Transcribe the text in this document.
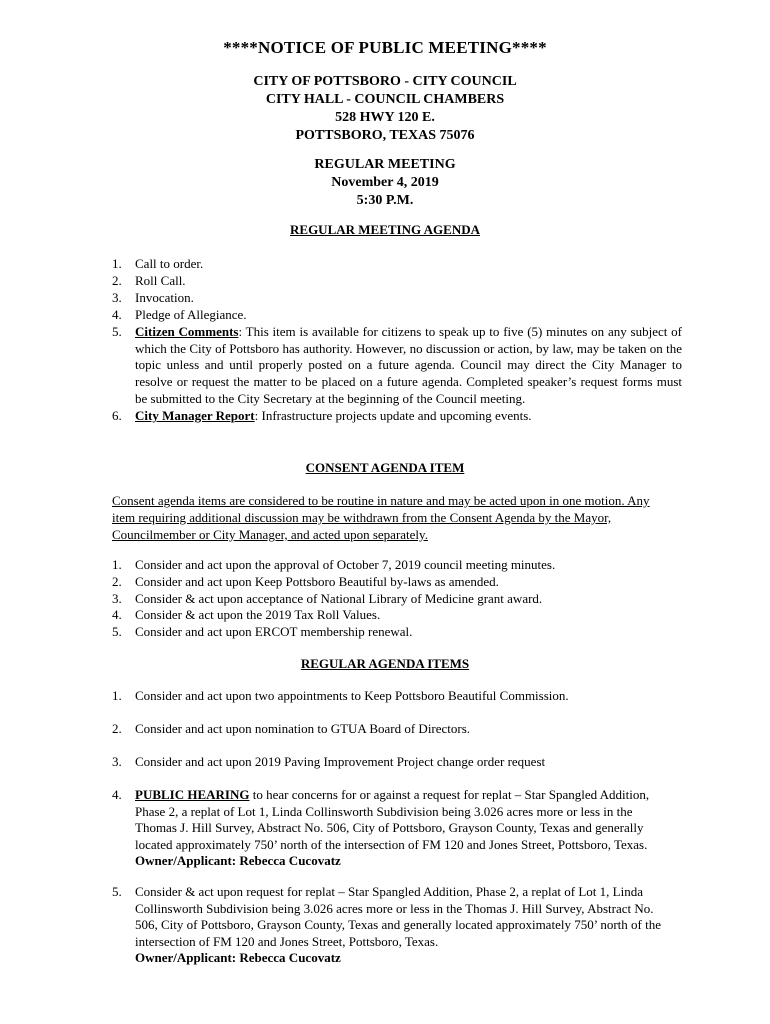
****NOTICE OF PUBLIC MEETING****
CITY OF POTTSBORO - CITY COUNCIL
CITY HALL - COUNCIL CHAMBERS
528 HWY 120 E.
POTTSBORO, TEXAS 75076
REGULAR MEETING
November 4, 2019
5:30 P.M.
REGULAR MEETING AGENDA
1. Call to order.
2. Roll Call.
3. Invocation.
4. Pledge of Allegiance.
5. Citizen Comments: This item is available for citizens to speak up to five (5) minutes on any subject of which the City of Pottsboro has authority. However, no discussion or action, by law, may be taken on the topic unless and until properly posted on a future agenda. Council may direct the City Manager to resolve or request the matter to be placed on a future agenda. Completed speaker’s request forms must be submitted to the City Secretary at the beginning of the Council meeting.
6. City Manager Report: Infrastructure projects update and upcoming events.
CONSENT AGENDA ITEM
Consent agenda items are considered to be routine in nature and may be acted upon in one motion. Any item requiring additional discussion may be withdrawn from the Consent Agenda by the Mayor, Councilmember or City Manager, and acted upon separately.
1. Consider and act upon the approval of October 7, 2019 council meeting minutes.
2. Consider and act upon Keep Pottsboro Beautiful by-laws as amended.
3. Consider & act upon acceptance of National Library of Medicine grant award.
4. Consider & act upon the 2019 Tax Roll Values.
5. Consider and act upon ERCOT membership renewal.
REGULAR AGENDA ITEMS
1.	Consider and act upon two appointments to Keep Pottsboro Beautiful Commission.
2.	Consider and act upon nomination to GTUA Board of Directors.
3.	Consider and act upon 2019 Paving Improvement Project change order request
4.	PUBLIC HEARING to hear concerns for or against a request for replat – Star Spangled Addition, Phase 2, a replat of Lot 1, Linda Collinsworth Subdivision being 3.026 acres more or less in the Thomas J. Hill Survey, Abstract No. 506, City of Pottsboro, Grayson County, Texas and generally located approximately 750’ north of the intersection of FM 120 and Jones Street, Pottsboro, Texas. Owner/Applicant: Rebecca Cucovatz
5.	Consider & act upon request for replat – Star Spangled Addition, Phase 2, a replat of Lot 1, Linda Collinsworth Subdivision being 3.026 acres more or less in the Thomas J. Hill Survey, Abstract No. 506, City of Pottsboro, Grayson County, Texas and generally located approximately 750’ north of the intersection of FM 120 and Jones Street, Pottsboro, Texas.
Owner/Applicant: Rebecca Cucovatz
